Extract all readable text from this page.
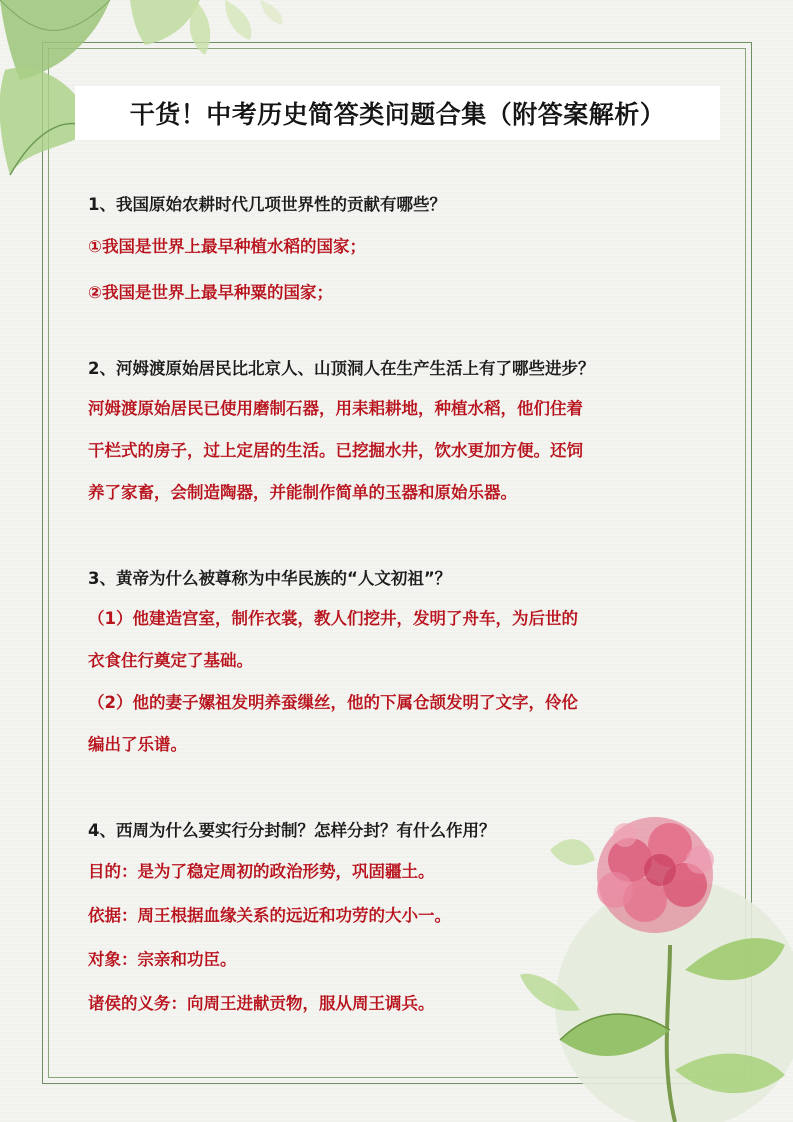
干货！中考历史简答类问题合集（附答案解析）

1、我国原始农耕时代几项世界性的贡献有哪些？

①我国是世界上最早种植水稻的国家；

②我国是世界上最早种粟的国家；

2、河姆渡原始居民比北京人、山顶洞人在生产生活上有了哪些进步？

河姆渡原始居民已使用磨制石器，用耒耜耕地，种植水稻，他们住着

干栏式的房子，过上定居的生活。已挖掘水井，饮水更加方便。还饲

养了家畜，会制造陶器，并能制作简单的玉器和原始乐器。

3、黄帝为什么被尊称为中华民族的“人文初祖”？

（1）他建造宫室，制作衣裳，教人们挖井，发明了舟车，为后世的

衣食住行奠定了基础。

（2）他的妻子嫘祖发明养蚕缫丝，他的下属仓颉发明了文字，伶伦

编出了乐谱。

4、西周为什么要实行分封制？怎样分封？有什么作用？

目的：是为了稳定周初的政治形势，巩固疆土。

依据：周王根据血缘关系的远近和功劳的大小一。

对象：宗亲和功臣。

诸侯的义务：向周王进献贡物，服从周王调兵。
